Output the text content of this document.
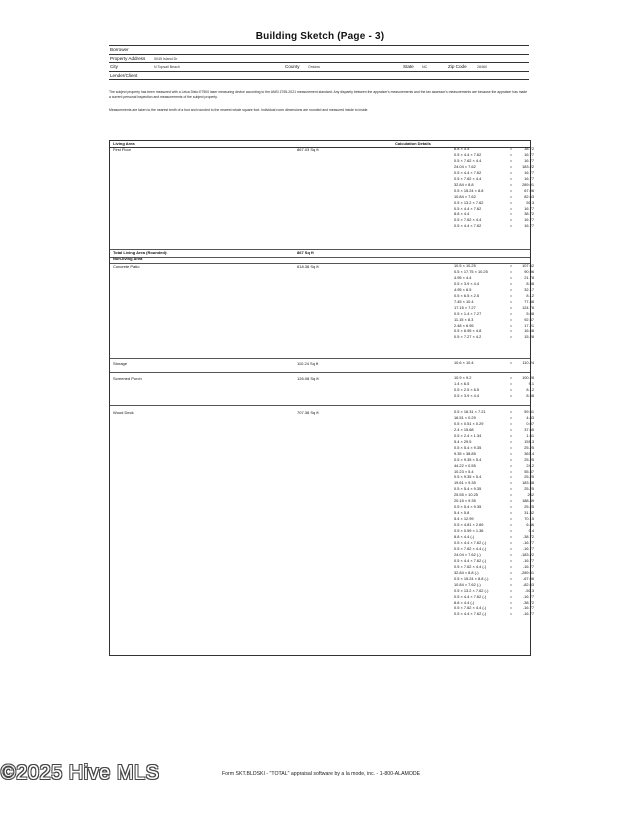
Building Sketch (Page - 3)
Borrower
Property Address 5045 Island Dr
City	N Topsail Beach	County Onslow	State NC	Zip Code	28460
Lender/Client
The subject property has been measured with a Leica Disto E7500 laser measuring device according to the ANSI Z765-2021 measurement standard. Any disparity between the appraiser's measurements and the tax assessor's measurements are because the appraiser has made a current personal inspection and measurements of the subject property.
Measurements are taken to the nearest tenth of a foot and rounded to the nearest whole square foot. Individual room dimensions are rounded and measured inside to inside.
Living Area	Calculation Details
First Floor	867.03 Sq ft	8.8 × 4.4	=	38.72
0.5 × 4.4 × 7.62	=	16.77
0.5 × 7.62 × 4.4	=	16.77
24.04 × 7.62	=	183.22
0.5 × 4.4 × 7.62	=	16.77
0.5 × 7.62 × 4.4	=	16.77
32.84 × 8.8	=	289.01
0.5 × 15.24 × 8.8	=	67.06
10.84 × 7.62	=	82.63
0.5 × 13.2 × 7.62	=	50.3
0.5 × 4.4 × 7.62	=	16.77
8.8 × 4.4	=	38.72
0.5 × 7.62 × 4.4	=	16.77
0.5 × 4.4 × 7.62	=	16.77
Total Living Area (Rounded):	867 Sq ft
Non-living Area
Concrete Patio	618.38 Sq ft	10.5 × 10.25	=	107.62
0.5 × 17.75 × 10.25	=	90.96
4.95 × 4.4	=	21.78
0.5 × 3.9 × 4.4	=	8.58
4.95 × 6.5	=	32.17
0.5 × 6.5 × 2.5	=	8.12
7.45 × 10.4	=	77.48
17.15 × 7.27	=	124.78
0.5 × 1.4 × 7.27	=	5.08
11.15 × 8.3	=	92.57
2.48 × 6.95	=	17.21
0.5 × 6.95 × 4.8	=	16.68
0.5 × 7.27 × 4.2	=	15.28
Storage	110.24 Sq ft	10.6 × 10.4	=	110.24
Screened Porch	126.08 Sq ft	10.9 × 9.2	=	100.28
1.4 × 6.5	=	9.1
0.5 × 2.5 × 6.5	=	8.12
0.5 × 3.9 × 4.4	=	8.58
Wood Deck	707.38 Sq ft	0.5 × 16.31 × 7.21	=	59.51
16.51 × 0.29	=	4.83
0.5 × 0.51 × 0.29	=	0.07
2.4 × 15.68	=	37.65
0.5 × 2.4 × 1.34	=	1.61
5.4 × 29.5	=	159.3
0.5 × 5.4 × 9.35	=	25.25
9.35 × 38.85	=	363.4
0.5 × 9.35 × 5.4	=	25.25
44.22 × 0.55	=	24.2
10.23 × 5.4	=	55.37
0.5 × 9.35 × 5.4	=	25.25
19.61 × 9.35	=	183.38
0.5 × 5.4 × 9.35	=	25.25
25.55 × 10.25	=	262
20.15 × 9.35	=	188.49
0.5 × 5.4 × 9.35	=	25.25
5.4 × 5.8	=	31.32
5.4 × 12.99	=	70.15
0.5 × 4.81 × 2.69	=	6.46
0.5 × 0.59 × 1.36	=	0.4
8.8 × 4.4 (-)	=	-38.72
0.5 × 4.4 × 7.62 (-)	=	-16.77
0.5 × 7.62 × 4.4 (-)	=	-16.77
24.04 × 7.62 (-)	=	-183.22
0.5 × 4.4 × 7.62 (-)	=	-16.77
0.5 × 7.62 × 4.4 (-)	=	-16.77
32.84 × 8.8 (-)	=	-289.01
0.5 × 15.24 × 8.8 (-)	=	-67.06
10.84 × 7.62 (-)	=	-82.63
0.5 × 13.2 × 7.62 (-)	=	-50.3
0.5 × 4.4 × 7.62 (-)	=	-16.77
8.8 × 4.4 (-)	=	-38.72
0.5 × 7.62 × 4.4 (-)	=	-16.77
0.5 × 4.4 × 7.62 (-)	=	-16.77
Form SKT.BLDSKI - "TOTAL" appraisal software by a la mode, inc. - 1-800-ALAMODE
©2025 Hive MLS
